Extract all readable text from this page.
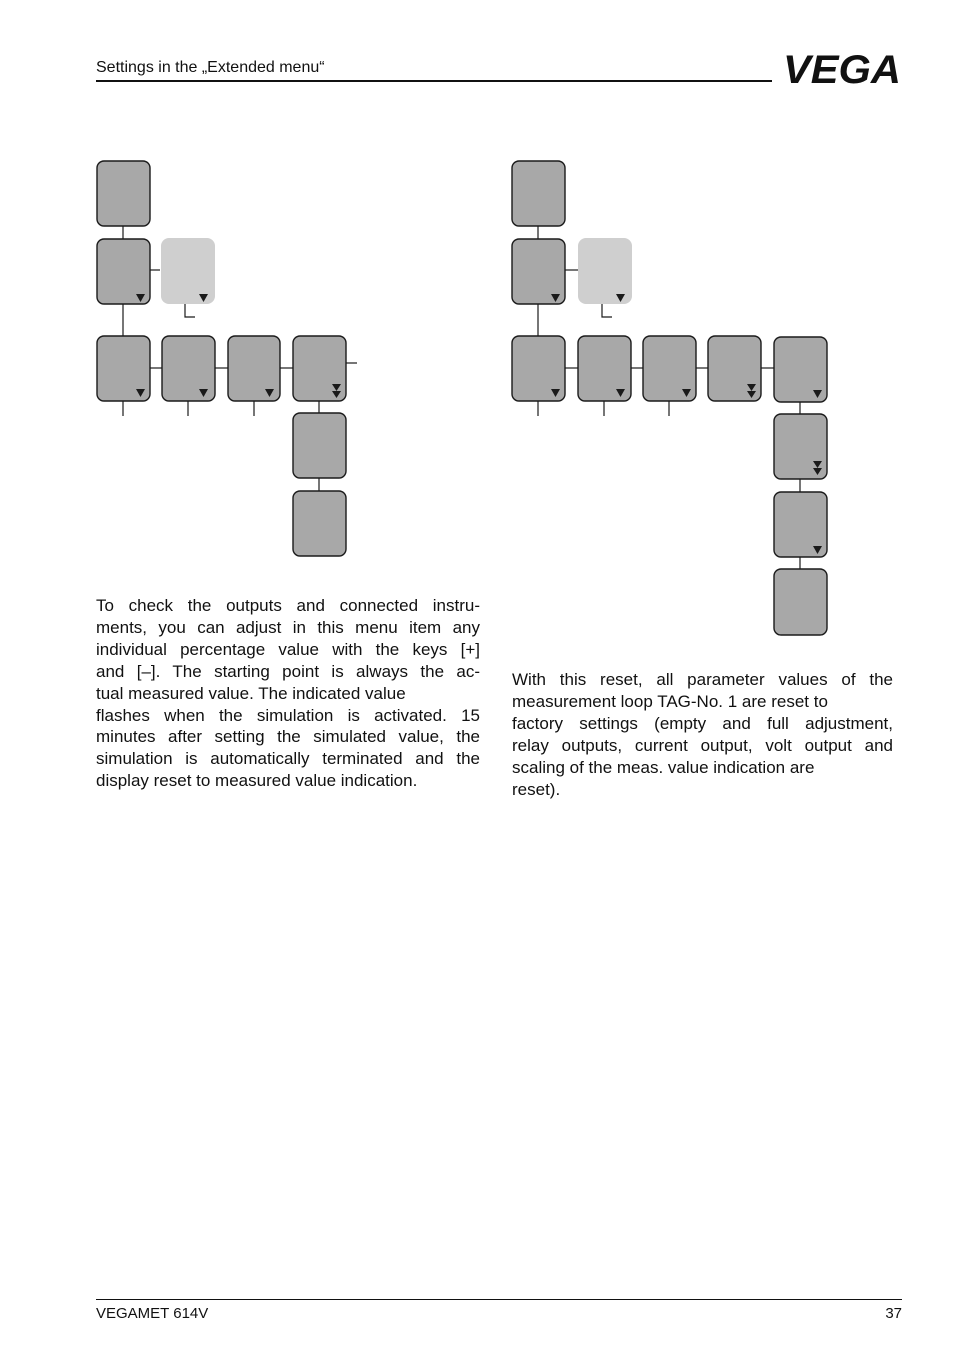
Settings in the „Extended menu“	VEGA

To check the outputs and connected instru-
ments, you can adjust in this menu item any
individual percentage value with the keys [+]
and [–]. The starting point is always the ac-
tual measured value. The indicated value
flashes when the simulation is activated. 15
minutes after setting the simulated value, the
simulation is automatically terminated and the
display reset to measured value indication.

With this reset, all parameter values of the
measurement loop TAG-No. 1 are reset to
factory settings (empty and full adjustment,
relay outputs, current output, volt output and
scaling of the meas. value indication are
reset).

VEGAMET 614V	37
